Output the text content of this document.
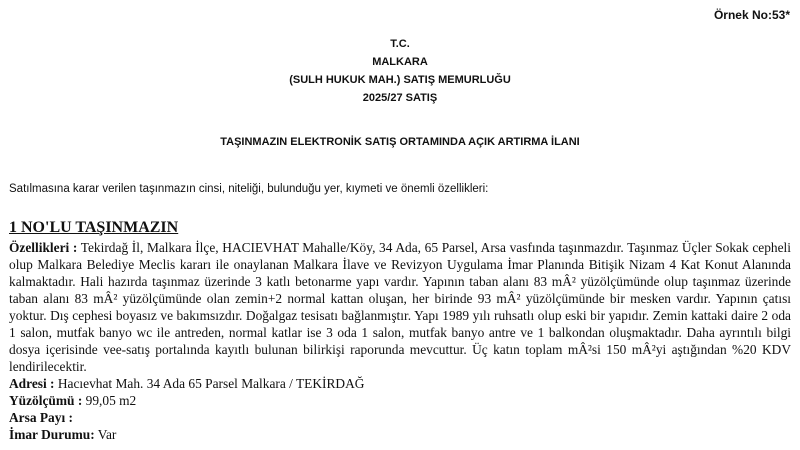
Örnek No:53*
T.C.
MALKARA
(SULH HUKUK MAH.) SATIŞ MEMURLUĞU
2025/27 SATIŞ
TAŞINMAZIN ELEKTRONİK SATIŞ ORTAMINDA AÇIK ARTIRMA İLANI
Satılmasına karar verilen taşınmazın cinsi, niteliği, bulunduğu yer, kıymeti ve önemli özellikleri:
1 NO'LU TAŞINMAZIN

Özellikleri : Tekirdağ İl, Malkara İlçe, HACIEVHAT Mahalle/Köy, 34 Ada, 65 Parsel, Arsa vasfında taşınmazdır. Taşınmaz Üçler Sokak cepheli olup Malkara Belediye Meclis kararı ile onaylanan Malkara İlave ve Revizyon Uygulama İmar Planında Bitişik Nizam 4 Kat Konut Alanında kalmaktadır. Hali hazırda taşınmaz üzerinde 3 katlı betonarme yapı vardır. Yapının taban alanı 83 mÂ² yüzölçümünde olup taşınmaz üzerinde taban alanı 83 mÂ² yüzölçümünde olan zemin+2 normal kattan oluşan, her birinde 93 mÂ² yüzölçümünde bir mesken vardır. Yapının çatısı yoktur. Dış cephesi boyasız ve bakımsızdır. Doğalgaz tesisatı bağlanmıştır. Yapı 1989 yılı ruhsatlı olup eski bir yapıdır. Zemin kattaki daire 2 oda 1 salon, mutfak banyo wc ile antreden, normal katlar ise 3 oda 1 salon, mutfak banyo antre ve 1 balkondan oluşmaktadır. Daha ayrıntılı bilgi dosya içerisinde vee-satış portalında kayıtlı bulunan bilirkişi raporunda mevcuttur. Üç katın toplam mÂ²si 150 mÂ²yi aştığından %20 KDV lendirilecektir.

Adresi : Hacıevhat Mah. 34 Ada 65 Parsel Malkara / TEKİRDAĞ

Yüzölçümü : 99,05 m2

Arsa Payı :

İmar Durumu: Var
